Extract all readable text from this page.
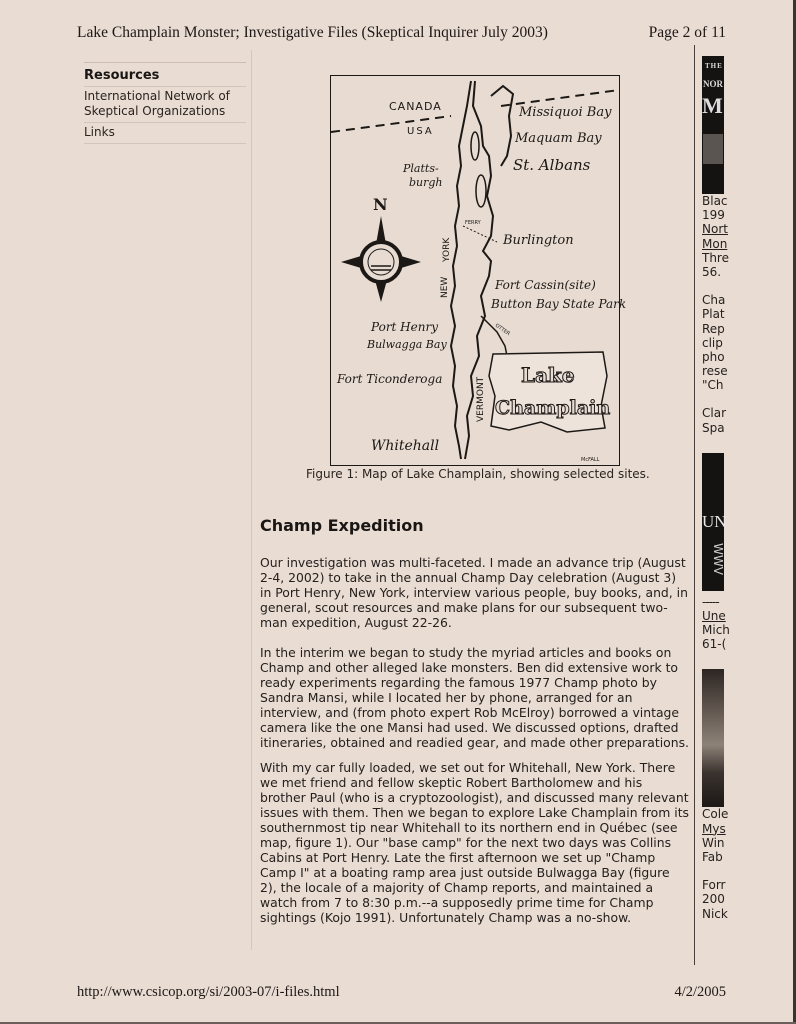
Lake Champlain Monster; Investigative Files (Skeptical Inquirer July 2003)	Page 2 of 11
Resources
International Network of Skeptical Organizations
Links
CANADA
USA
Missiquoi Bay
Maquam Bay
St. Albans
Platts-
burgh
N
FERRY
Burlington
YORK
NEW	Fort Cassin(site)
Button Bay State Park
OTTER
Port Henry
Bulwagga Bay
Fort Ticonderoga	VERMONT
Lake
Champlain
Whitehall
McFALL
Figure 1: Map of Lake Champlain, showing selected sites.
Champ Expedition

Our investigation was multi-faceted. I made an advance trip (August 2-4, 2002) to take in the annual Champ Day celebration (August 3) in Port Henry, New York, interview various people, buy books, and, in general, scout resources and make plans for our subsequent two-man expedition, August 22-26.

In the interim we began to study the myriad articles and books on Champ and other alleged lake monsters. Ben did extensive work to ready experiments regarding the famous 1977 Champ photo by Sandra Mansi, while I located her by phone, arranged for an interview, and (from photo expert Rob McElroy) borrowed a vintage camera like the one Mansi had used. We discussed options, drafted itineraries, obtained and readied gear, and made other preparations.

With my car fully loaded, we set out for Whitehall, New York. There we met friend and fellow skeptic Robert Bartholomew and his brother Paul (who is a cryptozoologist), and discussed many relevant issues with them. Then we began to explore Lake Champlain from its southernmost tip near Whitehall to its northern end in Québec (see map, figure 1). Our "base camp" for the next two days was Collins Cabins at Port Henry. Late the first afternoon we set up "Champ Camp I" at a boating ramp area just outside Bulwagga Bay (figure 2), the locale of a majority of Champ reports, and maintained a watch from 7 to 8:30 p.m.--a supposedly prime time for Champ sightings (Kojo 1991). Unfortunately Champ was a no-show.

THE
NOR
M
Blac
199
Nort
Mon
Thre
56.
Cha
Plat
Rep
clip
pho
rese
"Ch
Clar
Spa
UN
WWV
-----
Une
Mich
61-(
Cole
Mys
Win
Fab
Forr
200
Nick
http://www.csicop.org/si/2003-07/i-files.html	4/2/2005
